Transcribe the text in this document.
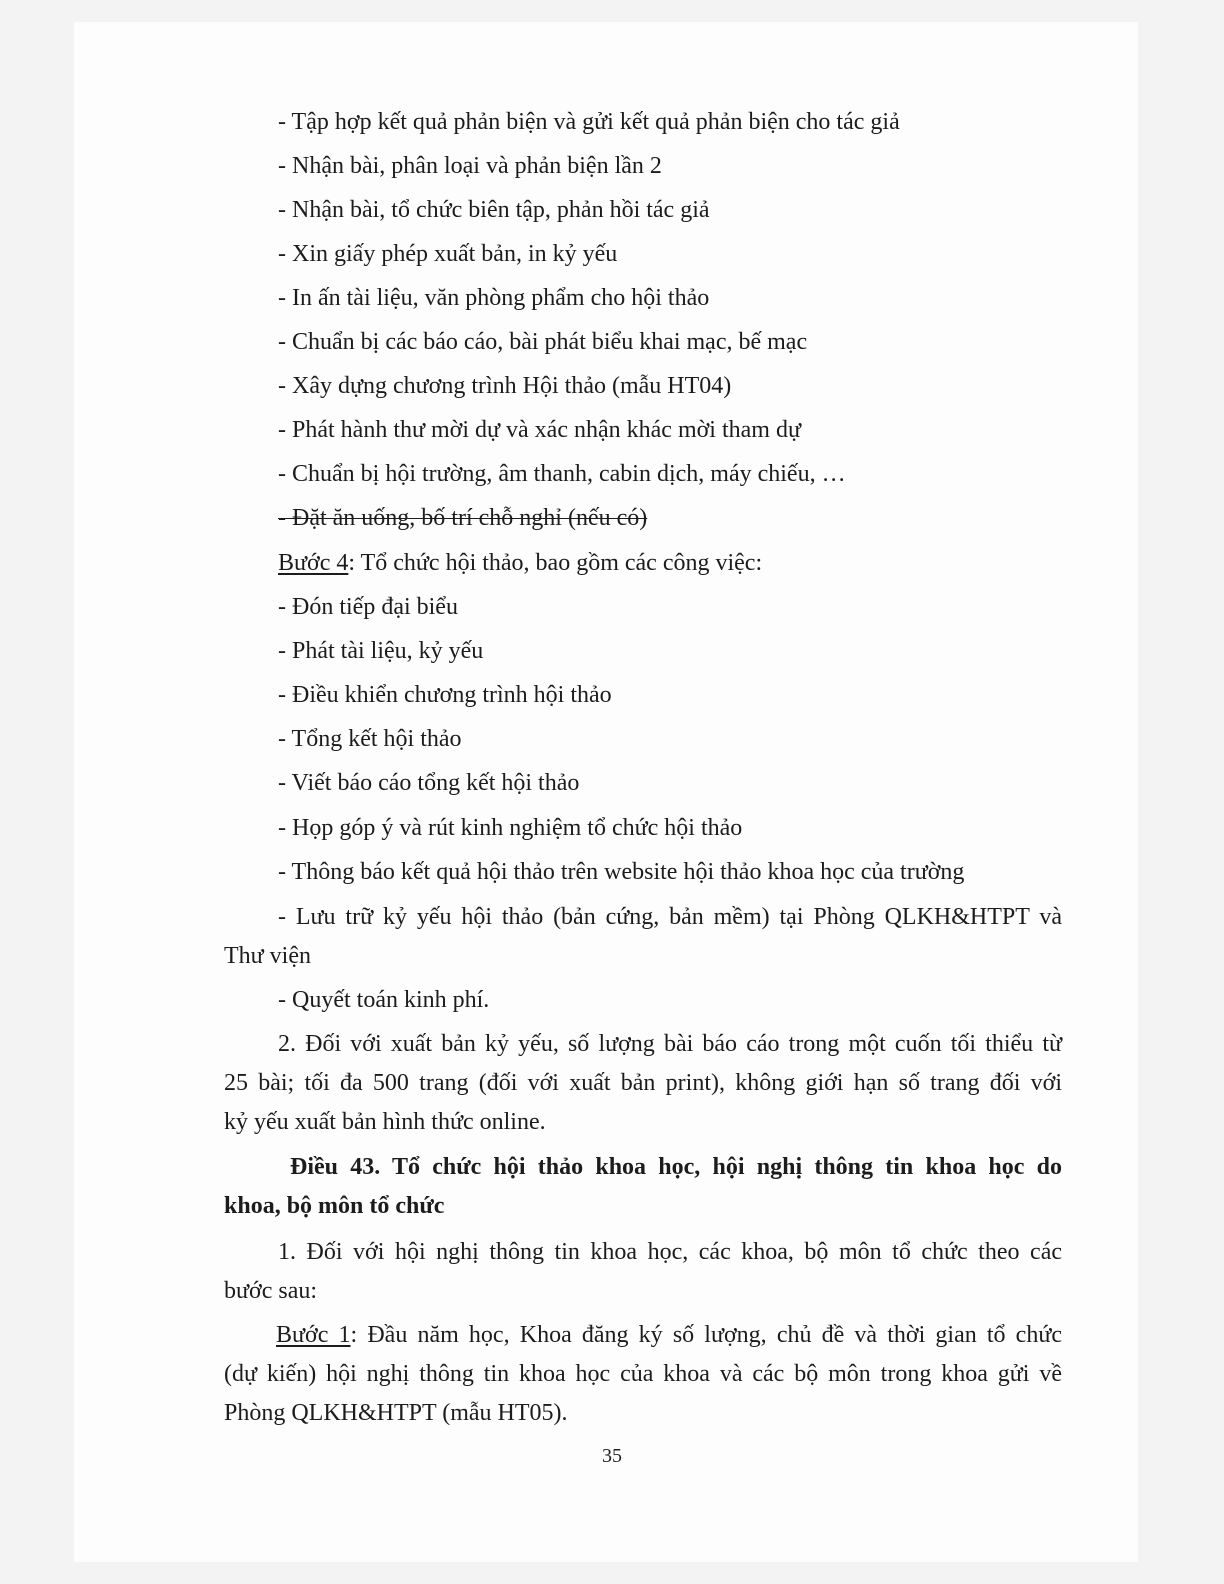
- Tập hợp kết quả phản biện và gửi kết quả phản biện cho tác giả
- Nhận bài, phân loại và phản biện lần 2
- Nhận bài, tổ chức biên tập, phản hồi tác giả
- Xin giấy phép xuất bản, in kỷ yếu
- In ấn tài liệu, văn phòng phẩm cho hội thảo
- Chuẩn bị các báo cáo, bài phát biểu khai mạc, bế mạc
- Xây dựng chương trình Hội thảo (mẫu HT04)
- Phát hành thư mời dự và xác nhận khác mời tham dự
- Chuẩn bị hội trường, âm thanh, cabin dịch, máy chiếu, …
- Đặt ăn uống, bố trí chỗ nghỉ (nếu có)
Bước 4: Tổ chức hội thảo, bao gồm các công việc:
- Đón tiếp đại biểu
- Phát tài liệu, kỷ yếu
- Điều khiển chương trình hội thảo
- Tổng kết hội thảo
- Viết báo cáo tổng kết hội thảo
- Họp góp ý và rút kinh nghiệm tổ chức hội thảo
- Thông báo kết quả hội thảo trên website hội thảo khoa học của trường
- Lưu trữ kỷ yếu hội thảo (bản cứng, bản mềm) tại Phòng QLKH&HTPT và
Thư viện
- Quyết toán kinh phí.
2. Đối với xuất bản kỷ yếu, số lượng bài báo cáo trong một cuốn tối thiểu từ
25 bài; tối đa 500 trang (đối với xuất bản print), không giới hạn số trang đối với
kỷ yếu xuất bản hình thức online.
Điều 43. Tổ chức hội thảo khoa học, hội nghị thông tin khoa học do
khoa, bộ môn tổ chức
1. Đối với hội nghị thông tin khoa học, các khoa, bộ môn tổ chức theo các
bước sau:
Bước 1: Đầu năm học, Khoa đăng ký số lượng, chủ đề và thời gian tổ chức
(dự kiến) hội nghị thông tin khoa học của khoa và các bộ môn trong khoa gửi về
Phòng QLKH&HTPT (mẫu HT05).
35
